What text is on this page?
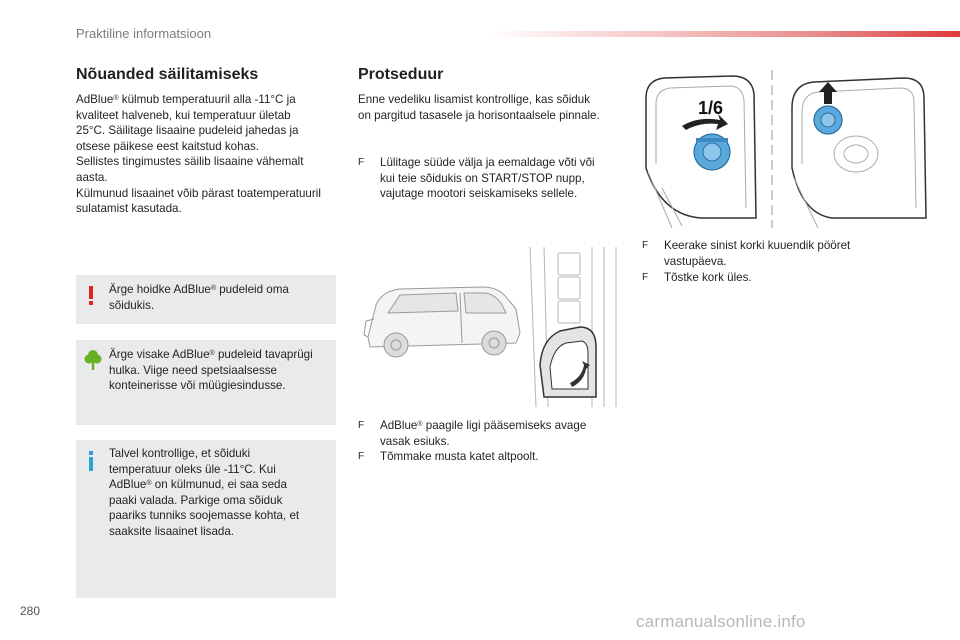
Praktiline informatsioon
Nõuanded säilitamiseks
AdBlue® külmub temperatuuril alla -11°C ja
kvaliteet halveneb, kui temperatuur ületab
25°C. Säilitage lisaaine pudeleid jahedas ja
otsese päikese eest kaitstud kohas.
Sellistes tingimustes säilib lisaaine vähemalt
aasta.
Külmunud lisaainet võib pärast toatemperatuuril
sulatamist kasutada.
Ärge hoidke AdBlue® pudeleid oma
sõidukis.
Ärge visake AdBlue® pudeleid tavaprügi
hulka. Viige need spetsiaalsesse
konteinerisse või müügiesindusse.
Talvel kontrollige, et sõiduki
temperatuur oleks üle -11°C. Kui
AdBlue® on külmunud, ei saa seda
paaki valada. Parkige oma sõiduk
paariks tunniks soojemasse kohta, et
saaksite lisaainet lisada.
Protseduur
Enne vedeliku lisamist kontrollige, kas sõiduk
on pargitud tasasele ja horisontaalsele pinnale.
F Lülitage süüde välja ja eemaldage võti või
kui teie sõidukis on START/STOP nupp,
vajutage mootori seiskamiseks sellele.
F AdBlue® paagile ligi pääsemiseks avage
vasak esiuks.
F Tõmmake musta katet altpoolt.
1/6
F Keerake sinist korki kuuendik pööret
vastupäeva.
F Tõstke kork üles.
280
carmanualsonline.info
